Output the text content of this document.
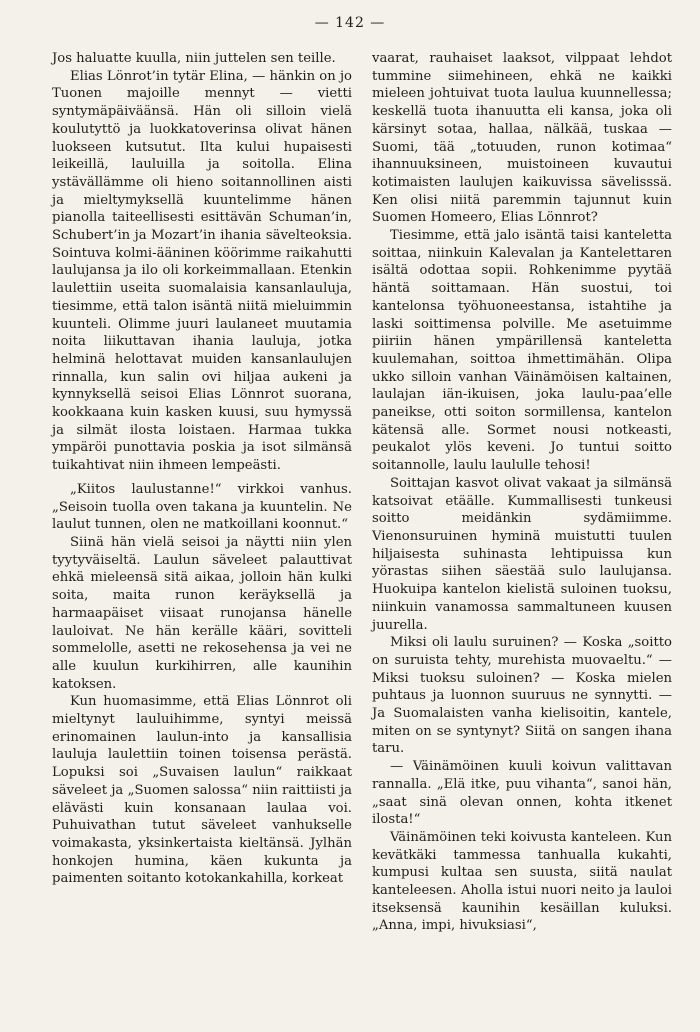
— 142 —

Jos haluatte kuulla, niin juttelen sen teille.

Elias Lönrot’in tytär Elina, — hänkin on jo Tuonen majoille mennyt — vietti syntymäpäiväänsä. Hän oli silloin vielä koulutyttö ja luokkatoverinsa olivat hänen luokseen kutsutut. Ilta kului hupaisesti leikeillä, lauluilla ja soitolla. Elina ystävällämme oli hieno soitannollinen aisti ja mieltymyksellä kuuntelimme hänen pianolla taiteellisesti esittävän Schuman’in, Schubert’in ja Mozart’in ihania sävelteoksia. Sointuva kolmi-ääninen köörimme raikahutti laulujansa ja ilo oli korkeimmallaan. Etenkin laulettiin useita suomalaisia kansanlauluja, tiesimme, että talon isäntä niitä mieluimmin kuunteli. Olimme juuri laulaneet muutamia noita liikuttavan ihania lauluja, jotka helminä helottavat muiden kansanlaulujen rinnalla, kun salin ovi hiljaa aukeni ja kynnyksellä seisoi Elias Lönnrot suorana, kookkaana kuin kasken kuusi, suu hymyssä ja silmät ilosta loistaen. Harmaa tukka ympäröi punottavia poskia ja isot silmänsä tuikahtivat niin ihmeen lempeästi.

„Kiitos laulustanne!“ virkkoi vanhus. „Seisoin tuolla oven takana ja kuuntelin. Ne laulut tunnen, olen ne matkoillani koonnut.“

Siinä hän vielä seisoi ja näytti niin ylen tyytyväiseltä. Laulun säveleet palauttivat ehkä mieleensä sitä aikaa, jolloin hän kulki soita, maita runon keräyksellä ja harmaapäiset viisaat runojansa hänelle lauloivat. Ne hän kerälle kääri, sovitteli sommelolle, asetti ne rekosehensa ja vei ne alle kuulun kurkihirren, alle kaunihin katoksen.

Kun huomasimme, että Elias Lönnrot oli mieltynyt lauluihimme, syntyi meissä erinomainen laulun-into ja kansallisia lauluja laulettiin toinen toisensa perästä. Lopuksi soi „Suvaisen laulun“ raikkaat säveleet ja „Suomen salossa“ niin raittiisti ja elävästi kuin konsanaan laulaa voi. Puhuivathan tutut säveleet vanhukselle voimakasta, yksinkertaista kieltänsä. Jylhän honkojen humina, käen kukunta ja paimenten soitanto kotokankahilla, korkeat

vaarat, rauhaiset laaksot, vilppaat lehdot tummine siimehineen, ehkä ne kaikki mieleen johtuivat tuota laulua kuunnellessa; keskellä tuota ihanuutta eli kansa, joka oli kärsinyt sotaa, hallaa, nälkää, tuskaa — Suomi, tää „totuuden, runon kotimaa“ ihannuuksineen, muistoineen kuvautui kotimaisten laulujen kaikuvissa sävelisssä. Ken olisi niitä paremmin tajunnut kuin Suomen Homeero, Elias Lönnrot?

Tiesimme, että jalo isäntä taisi kanteletta soittaa, niinkuin Kalevalan ja Kantelettaren isältä odottaa sopii. Rohkenimme pyytää häntä soittamaan. Hän suostui, toi kantelonsa työhuoneestansa, istahtihe ja laski soittimensa polville. Me asetuimme piiriin hänen ympärillensä kanteletta kuulemahan, soittoa ihmettimähän. Olipa ukko silloin vanhan Väinämöisen kaltainen, laulajan iän-ikuisen, joka laulu-paa’elle paneikse, otti soiton sormillensa, kantelon kätensä alle. Sormet nousi notkeasti, peukalot ylös keveni. Jo tuntui soitto soitannolle, laulu laululle tehosi!

Soittajan kasvot olivat vakaat ja silmänsä katsoivat etäälle. Kummallisesti tunkeusi soitto meidänkin sydämiimme. Vienonsuruinen hyminä muistutti tuulen hiljaisesta suhinasta lehtipuissa kun yörastas siihen säestää sulo laulujansa. Huokuipa kantelon kielistä suloinen tuoksu, niinkuin vanamossa sammaltuneen kuusen juurella.

Miksi oli laulu suruinen? — Koska „soitto on suruista tehty, murehista muovaeltu.“ — Miksi tuoksu suloinen? — Koska mielen puhtaus ja luonnon suuruus ne synnytti. — Ja Suomalaisten vanha kielisoitin, kantele, miten on se syntynyt? Siitä on sangen ihana taru.

— Väinämöinen kuuli koivun valittavan rannalla. „Elä itke, puu vihanta“, sanoi hän, „saat sinä olevan onnen, kohta itkenet ilosta!“

Väinämöinen teki koivusta kanteleen. Kun kevätkäki tammessa tanhualla kukahti, kumpusi kultaa sen suusta, siitä naulat kanteleesen. Aholla istui nuori neito ja lauloi itseksensä kaunihin kesäillan kuluksi. „Anna, impi, hivuksiasi“,
